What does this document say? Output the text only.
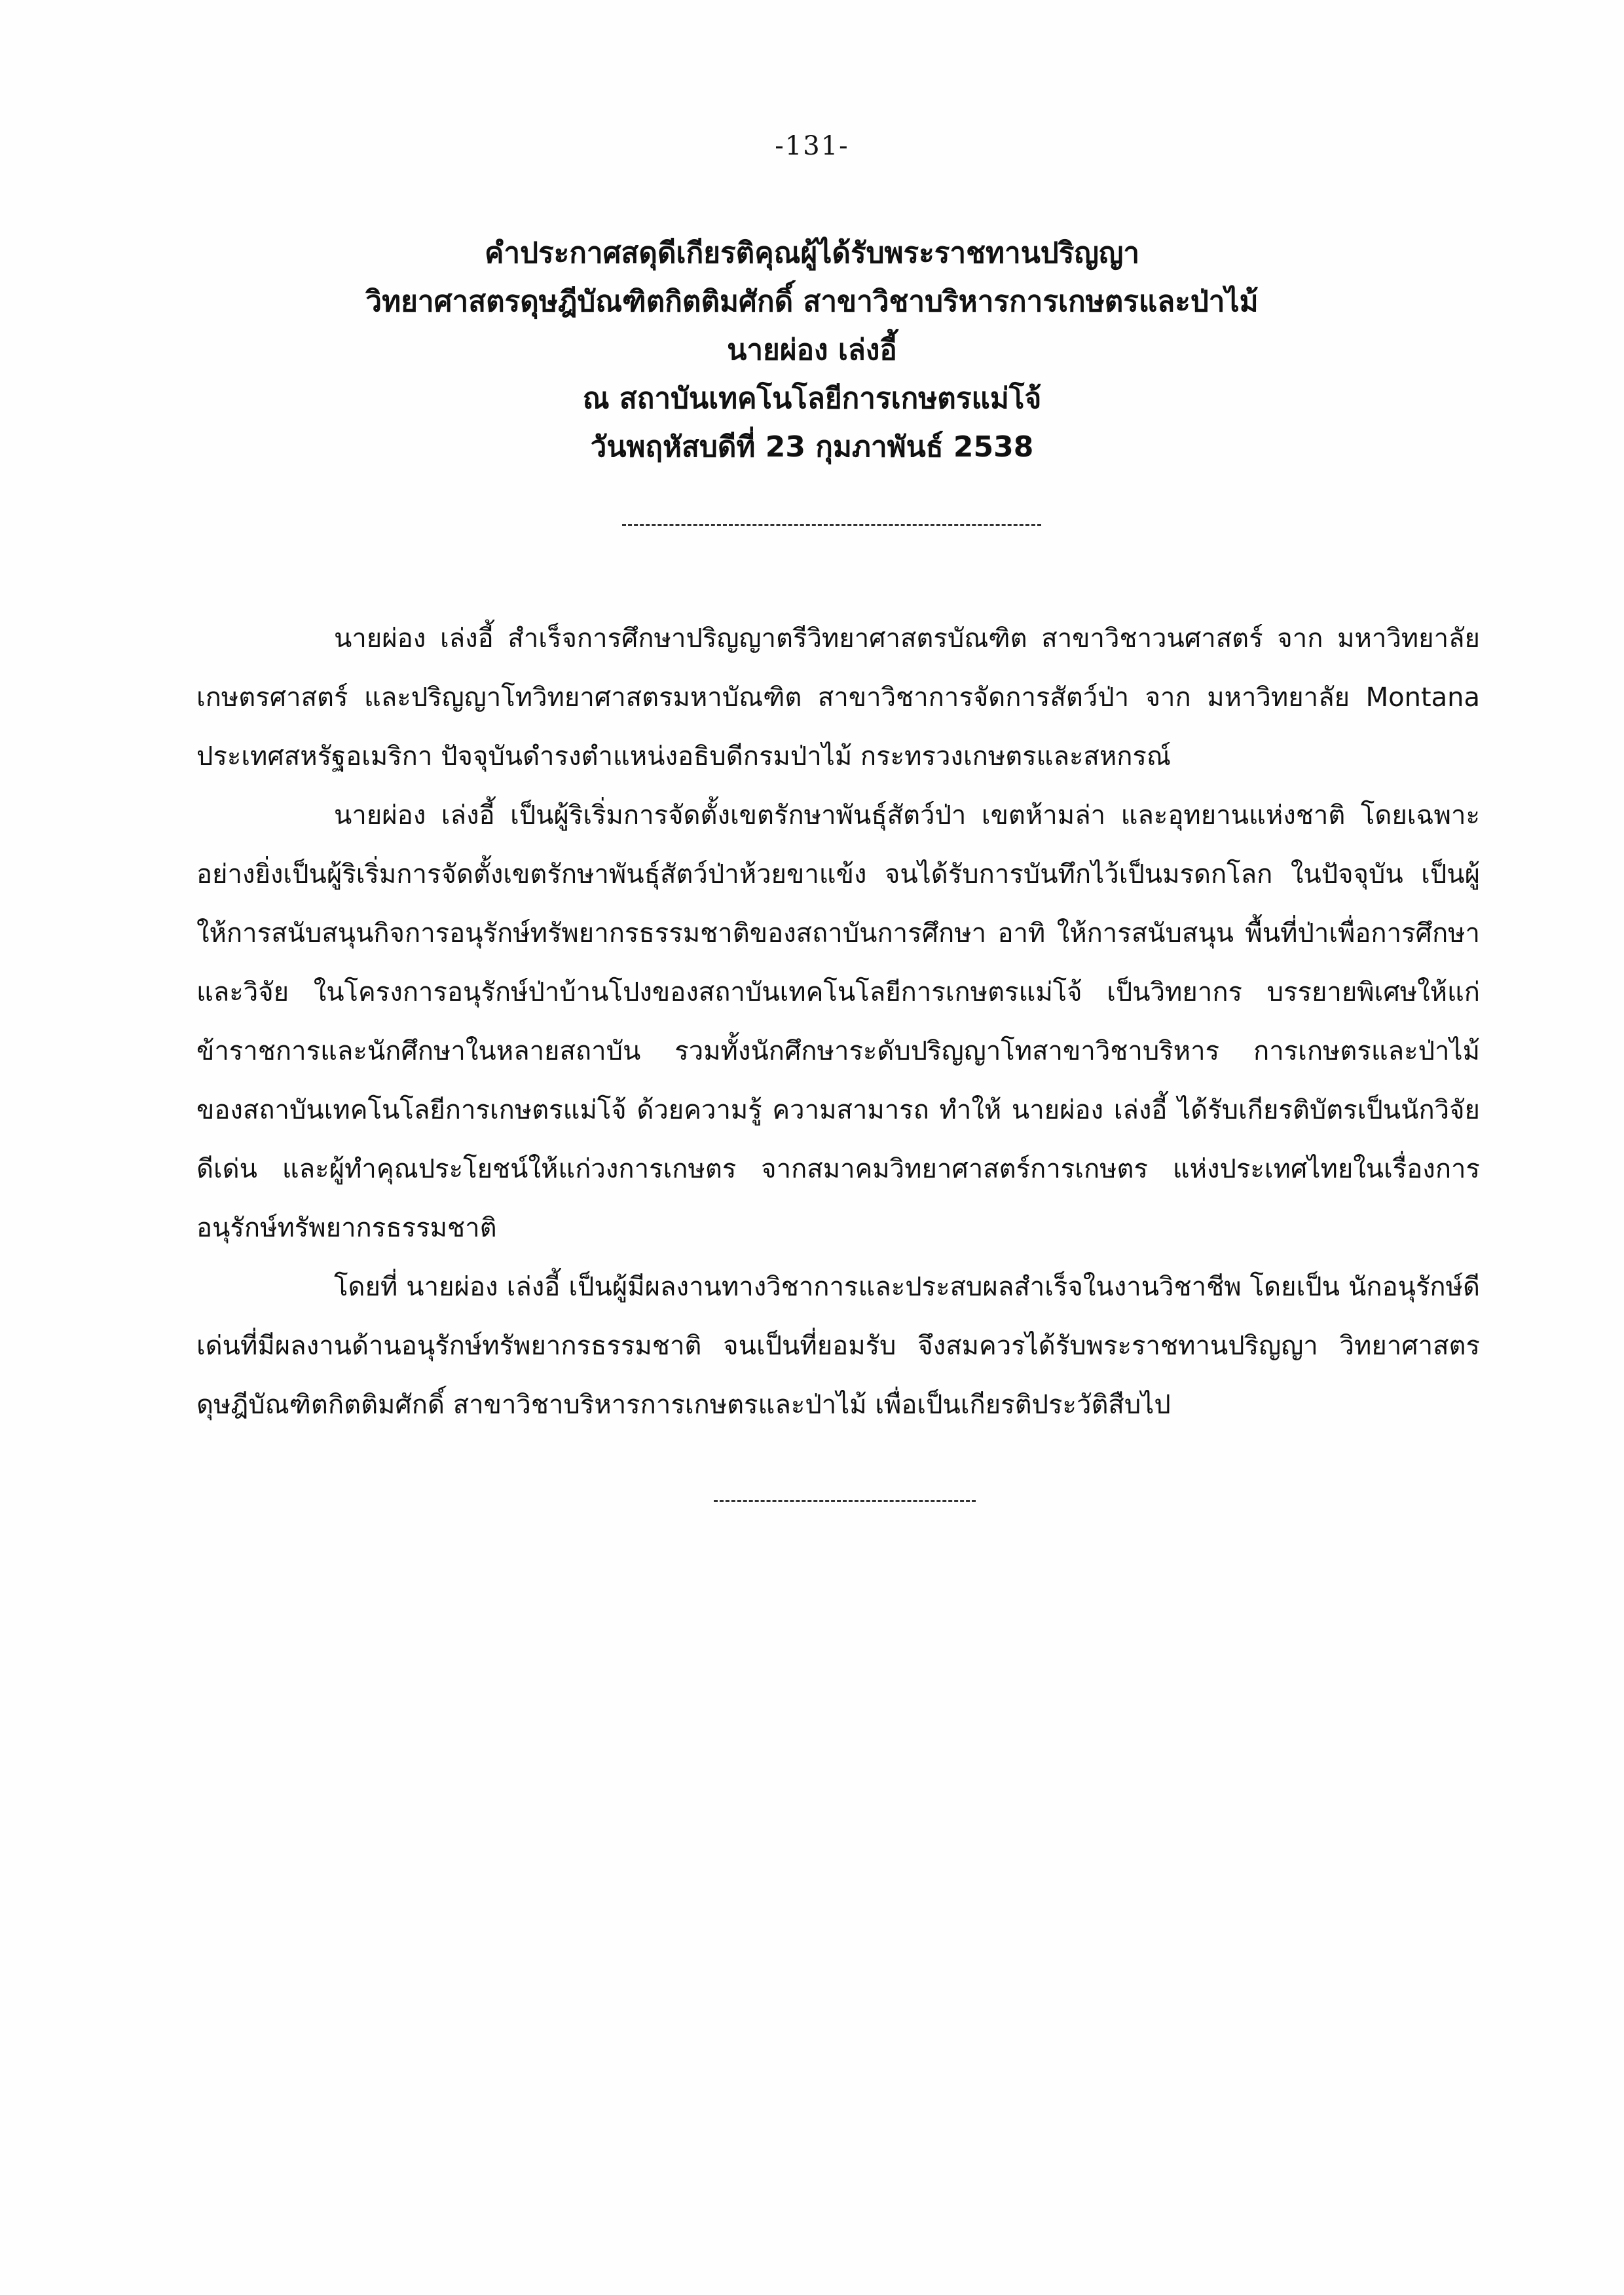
-131-
คำประกาศสดุดีเกียรติคุณผู้ได้รับพระราชทานปริญญา
วิทยาศาสตรดุษฎีบัณฑิตกิตติมศักดิ์ สาขาวิชาบริหารการเกษตรและป่าไม้
นายผ่อง เล่งอี้
ณ สถาบันเทคโนโลยีการเกษตรแม่โจ้
วันพฤหัสบดีที่ 23 กุมภาพันธ์ 2538

นายผ่อง เล่งอี้ สำเร็จการศึกษาปริญญาตรีวิทยาศาสตรบัณฑิต สาขาวิชาวนศาสตร์ จาก มหาวิทยาลัยเกษตรศาสตร์ และปริญญาโทวิทยาศาสตรมหาบัณฑิต สาขาวิชาการจัดการสัตว์ป่า จาก มหาวิทยาลัย Montana ประเทศสหรัฐอเมริกา ปัจจุบันดำรงตำแหน่งอธิบดีกรมป่าไม้ กระทรวงเกษตรและสหกรณ์

นายผ่อง เล่งอี้ เป็นผู้ริเริ่มการจัดตั้งเขตรักษาพันธุ์สัตว์ป่า เขตห้ามล่า และอุทยานแห่งชาติ โดยเฉพาะอย่างยิ่งเป็นผู้ริเริ่มการจัดตั้งเขตรักษาพันธุ์สัตว์ป่าห้วยขาแข้ง จนได้รับการบันทึกไว้เป็นมรดกโลก ในปัจจุบัน เป็นผู้ให้การสนับสนุนกิจการอนุรักษ์ทรัพยากรธรรมชาติของสถาบันการศึกษา อาทิ ให้การสนับสนุน พื้นที่ป่าเพื่อการศึกษาและวิจัย ในโครงการอนุรักษ์ป่าบ้านโปงของสถาบันเทคโนโลยีการเกษตรแม่โจ้ เป็นวิทยากร บรรยายพิเศษให้แก่ข้าราชการและนักศึกษาในหลายสถาบัน รวมทั้งนักศึกษาระดับปริญญาโทสาขาวิชาบริหาร การเกษตรและป่าไม้ ของสถาบันเทคโนโลยีการเกษตรแม่โจ้ ด้วยความรู้ ความสามารถ ทำให้ นายผ่อง เล่งอี้ ได้รับเกียรติบัตรเป็นนักวิจัยดีเด่น และผู้ทำคุณประโยชน์ให้แก่วงการเกษตร จากสมาคมวิทยาศาสตร์การเกษตร แห่งประเทศไทยในเรื่องการอนุรักษ์ทรัพยากรธรรมชาติ

โดยที่ นายผ่อง เล่งอี้ เป็นผู้มีผลงานทางวิชาการและประสบผลสำเร็จในงานวิชาชีพ โดยเป็น นักอนุรักษ์ดีเด่นที่มีผลงานด้านอนุรักษ์ทรัพยากรธรรมชาติ จนเป็นที่ยอมรับ จึงสมควรได้รับพระราชทานปริญญา วิทยาศาสตรดุษฎีบัณฑิตกิตติมศักดิ์ สาขาวิชาบริหารการเกษตรและป่าไม้ เพื่อเป็นเกียรติประวัติสืบไป
